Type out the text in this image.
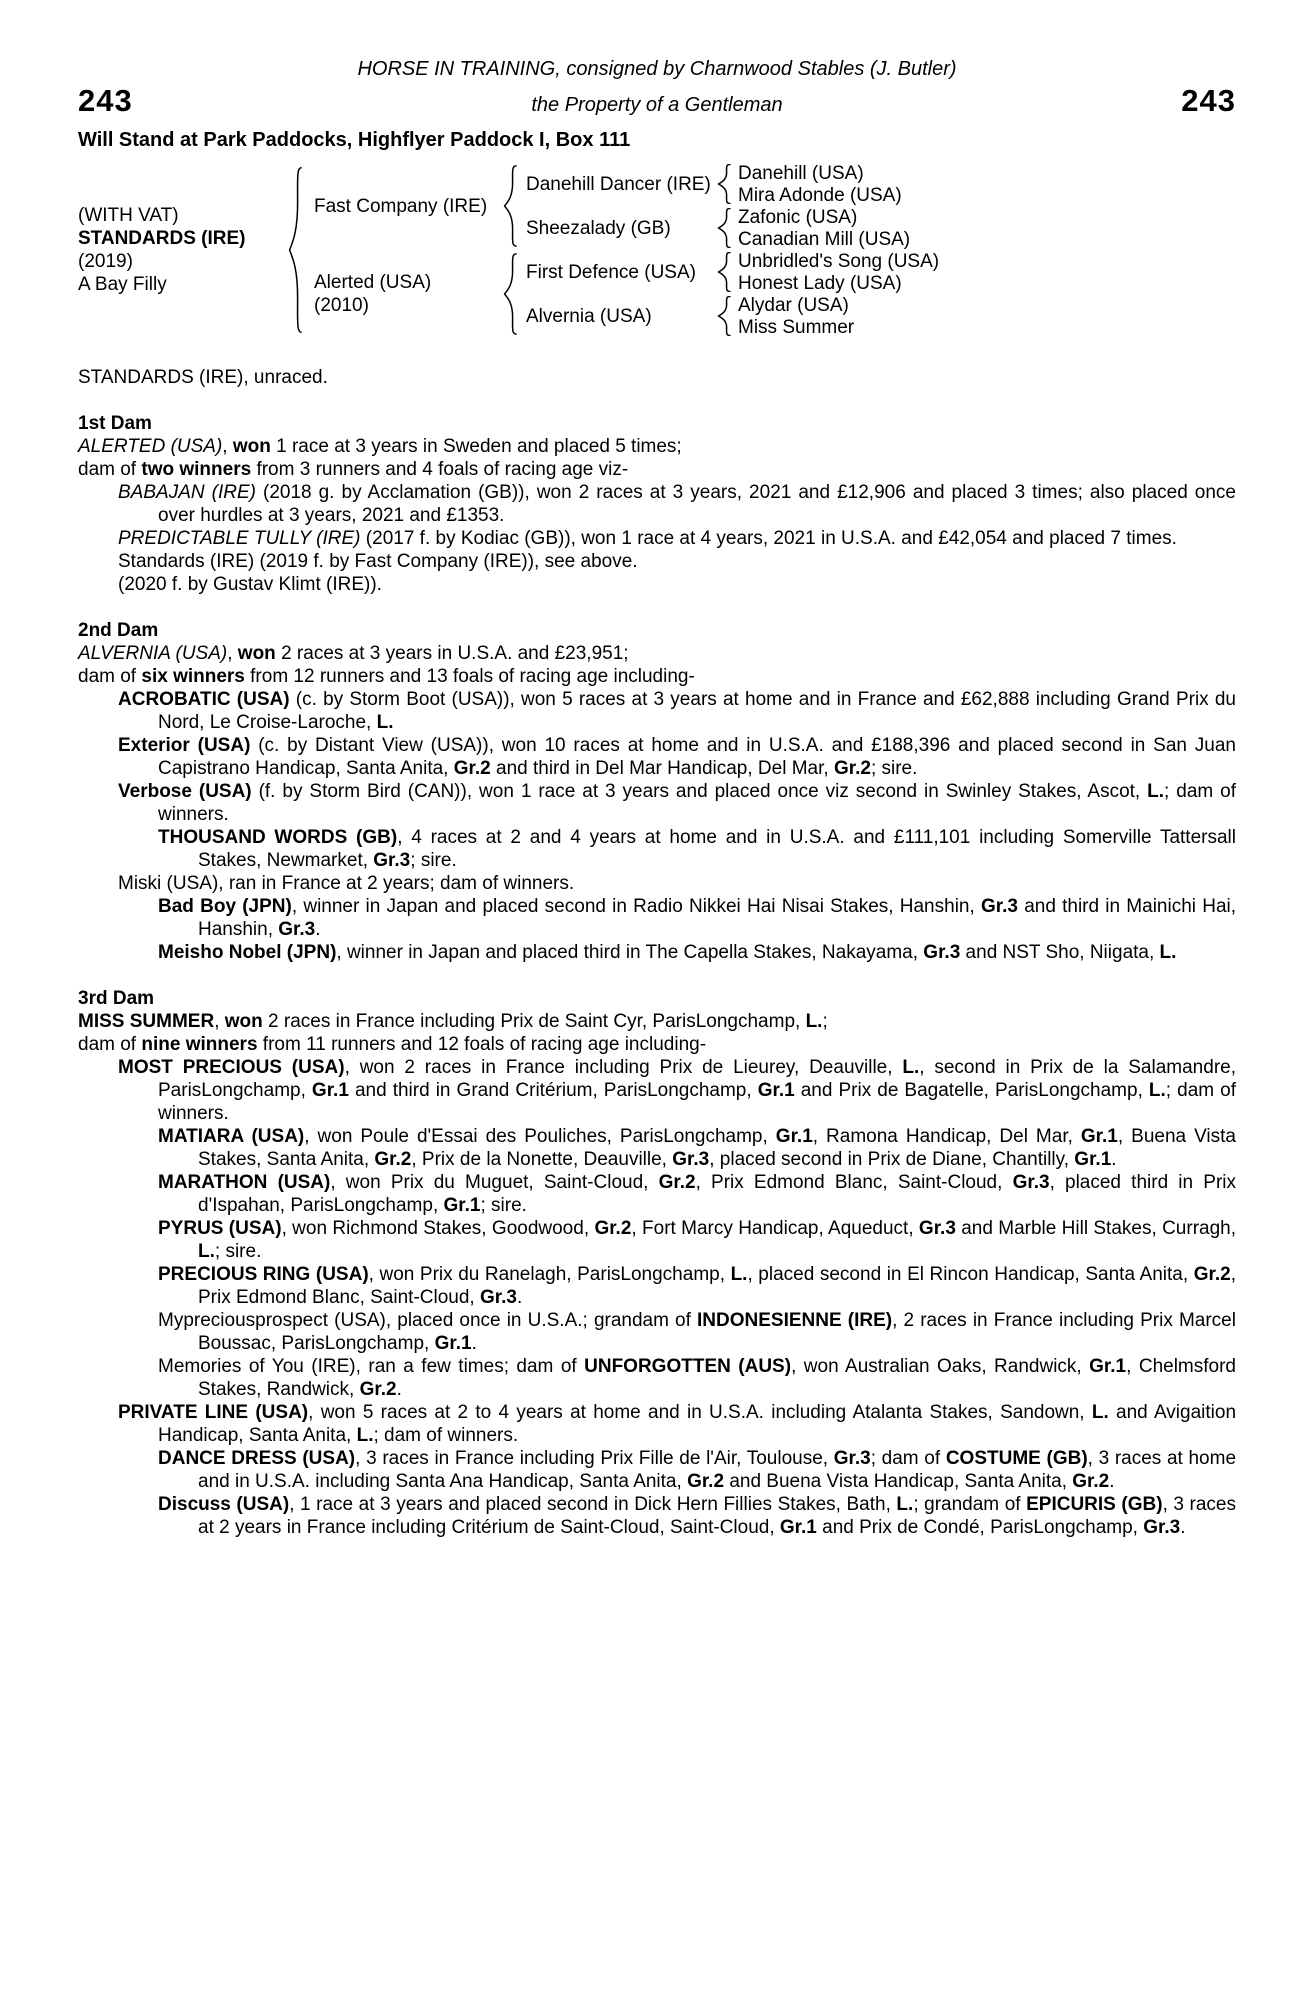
HORSE IN TRAINING, consigned by Charnwood Stables (J. Butler)
243	the Property of a Gentleman	243
Will Stand at Park Paddocks, Highflyer Paddock I, Box 111
(WITH VAT)
STANDARDS (IRE)
(2019)
A Bay Filly
Fast Company (IRE)
Danehill Dancer (IRE)
Danehill (USA)
Mira Adonde (USA)
Sheezalady (GB)
Zafonic (USA)
Canadian Mill (USA)
Alerted (USA)
(2010)
First Defence (USA)
Unbridled's Song (USA)
Honest Lady (USA)
Alvernia (USA)
Alydar (USA)
Miss Summer
STANDARDS (IRE), unraced.
1st Dam
ALERTED (USA), won 1 race at 3 years in Sweden and placed 5 times;
dam of two winners from 3 runners and 4 foals of racing age viz-
BABAJAN (IRE) (2018 g. by Acclamation (GB)), won 2 races at 3 years, 2021 and £12,906 and placed 3 times; also placed once over hurdles at 3 years, 2021 and £1353.
PREDICTABLE TULLY (IRE) (2017 f. by Kodiac (GB)), won 1 race at 4 years, 2021 in U.S.A. and £42,054 and placed 7 times.
Standards (IRE) (2019 f. by Fast Company (IRE)), see above.
(2020 f. by Gustav Klimt (IRE)).
2nd Dam
ALVERNIA (USA), won 2 races at 3 years in U.S.A. and £23,951;
dam of six winners from 12 runners and 13 foals of racing age including-
ACROBATIC (USA) (c. by Storm Boot (USA)), won 5 races at 3 years at home and in France and £62,888 including Grand Prix du Nord, Le Croise-Laroche, L.
Exterior (USA) (c. by Distant View (USA)), won 10 races at home and in U.S.A. and £188,396 and placed second in San Juan Capistrano Handicap, Santa Anita, Gr.2 and third in Del Mar Handicap, Del Mar, Gr.2; sire.
Verbose (USA) (f. by Storm Bird (CAN)), won 1 race at 3 years and placed once viz second in Swinley Stakes, Ascot, L.; dam of winners.
THOUSAND WORDS (GB), 4 races at 2 and 4 years at home and in U.S.A. and £111,101 including Somerville Tattersall Stakes, Newmarket, Gr.3; sire.
Miski (USA), ran in France at 2 years; dam of winners.
Bad Boy (JPN), winner in Japan and placed second in Radio Nikkei Hai Nisai Stakes, Hanshin, Gr.3 and third in Mainichi Hai, Hanshin, Gr.3.
Meisho Nobel (JPN), winner in Japan and placed third in The Capella Stakes, Nakayama, Gr.3 and NST Sho, Niigata, L.
3rd Dam
MISS SUMMER, won 2 races in France including Prix de Saint Cyr, ParisLongchamp, L.;
dam of nine winners from 11 runners and 12 foals of racing age including-
MOST PRECIOUS (USA), won 2 races in France including Prix de Lieurey, Deauville, L., second in Prix de la Salamandre, ParisLongchamp, Gr.1 and third in Grand Critérium, ParisLongchamp, Gr.1 and Prix de Bagatelle, ParisLongchamp, L.; dam of winners.
MATIARA (USA), won Poule d'Essai des Pouliches, ParisLongchamp, Gr.1, Ramona Handicap, Del Mar, Gr.1, Buena Vista Stakes, Santa Anita, Gr.2, Prix de la Nonette, Deauville, Gr.3, placed second in Prix de Diane, Chantilly, Gr.1.
MARATHON (USA), won Prix du Muguet, Saint-Cloud, Gr.2, Prix Edmond Blanc, Saint-Cloud, Gr.3, placed third in Prix d'Ispahan, ParisLongchamp, Gr.1; sire.
PYRUS (USA), won Richmond Stakes, Goodwood, Gr.2, Fort Marcy Handicap, Aqueduct, Gr.3 and Marble Hill Stakes, Curragh, L.; sire.
PRECIOUS RING (USA), won Prix du Ranelagh, ParisLongchamp, L., placed second in El Rincon Handicap, Santa Anita, Gr.2, Prix Edmond Blanc, Saint-Cloud, Gr.3.
Mypreciousprospect (USA), placed once in U.S.A.; grandam of INDONESIENNE (IRE), 2 races in France including Prix Marcel Boussac, ParisLongchamp, Gr.1.
Memories of You (IRE), ran a few times; dam of UNFORGOTTEN (AUS), won Australian Oaks, Randwick, Gr.1, Chelmsford Stakes, Randwick, Gr.2.
PRIVATE LINE (USA), won 5 races at 2 to 4 years at home and in U.S.A. including Atalanta Stakes, Sandown, L. and Avigaition Handicap, Santa Anita, L.; dam of winners.
DANCE DRESS (USA), 3 races in France including Prix Fille de l'Air, Toulouse, Gr.3; dam of COSTUME (GB), 3 races at home and in U.S.A. including Santa Ana Handicap, Santa Anita, Gr.2 and Buena Vista Handicap, Santa Anita, Gr.2.
Discuss (USA), 1 race at 3 years and placed second in Dick Hern Fillies Stakes, Bath, L.; grandam of EPICURIS (GB), 3 races at 2 years in France including Critérium de Saint-Cloud, Saint-Cloud, Gr.1 and Prix de Condé, ParisLongchamp, Gr.3.
